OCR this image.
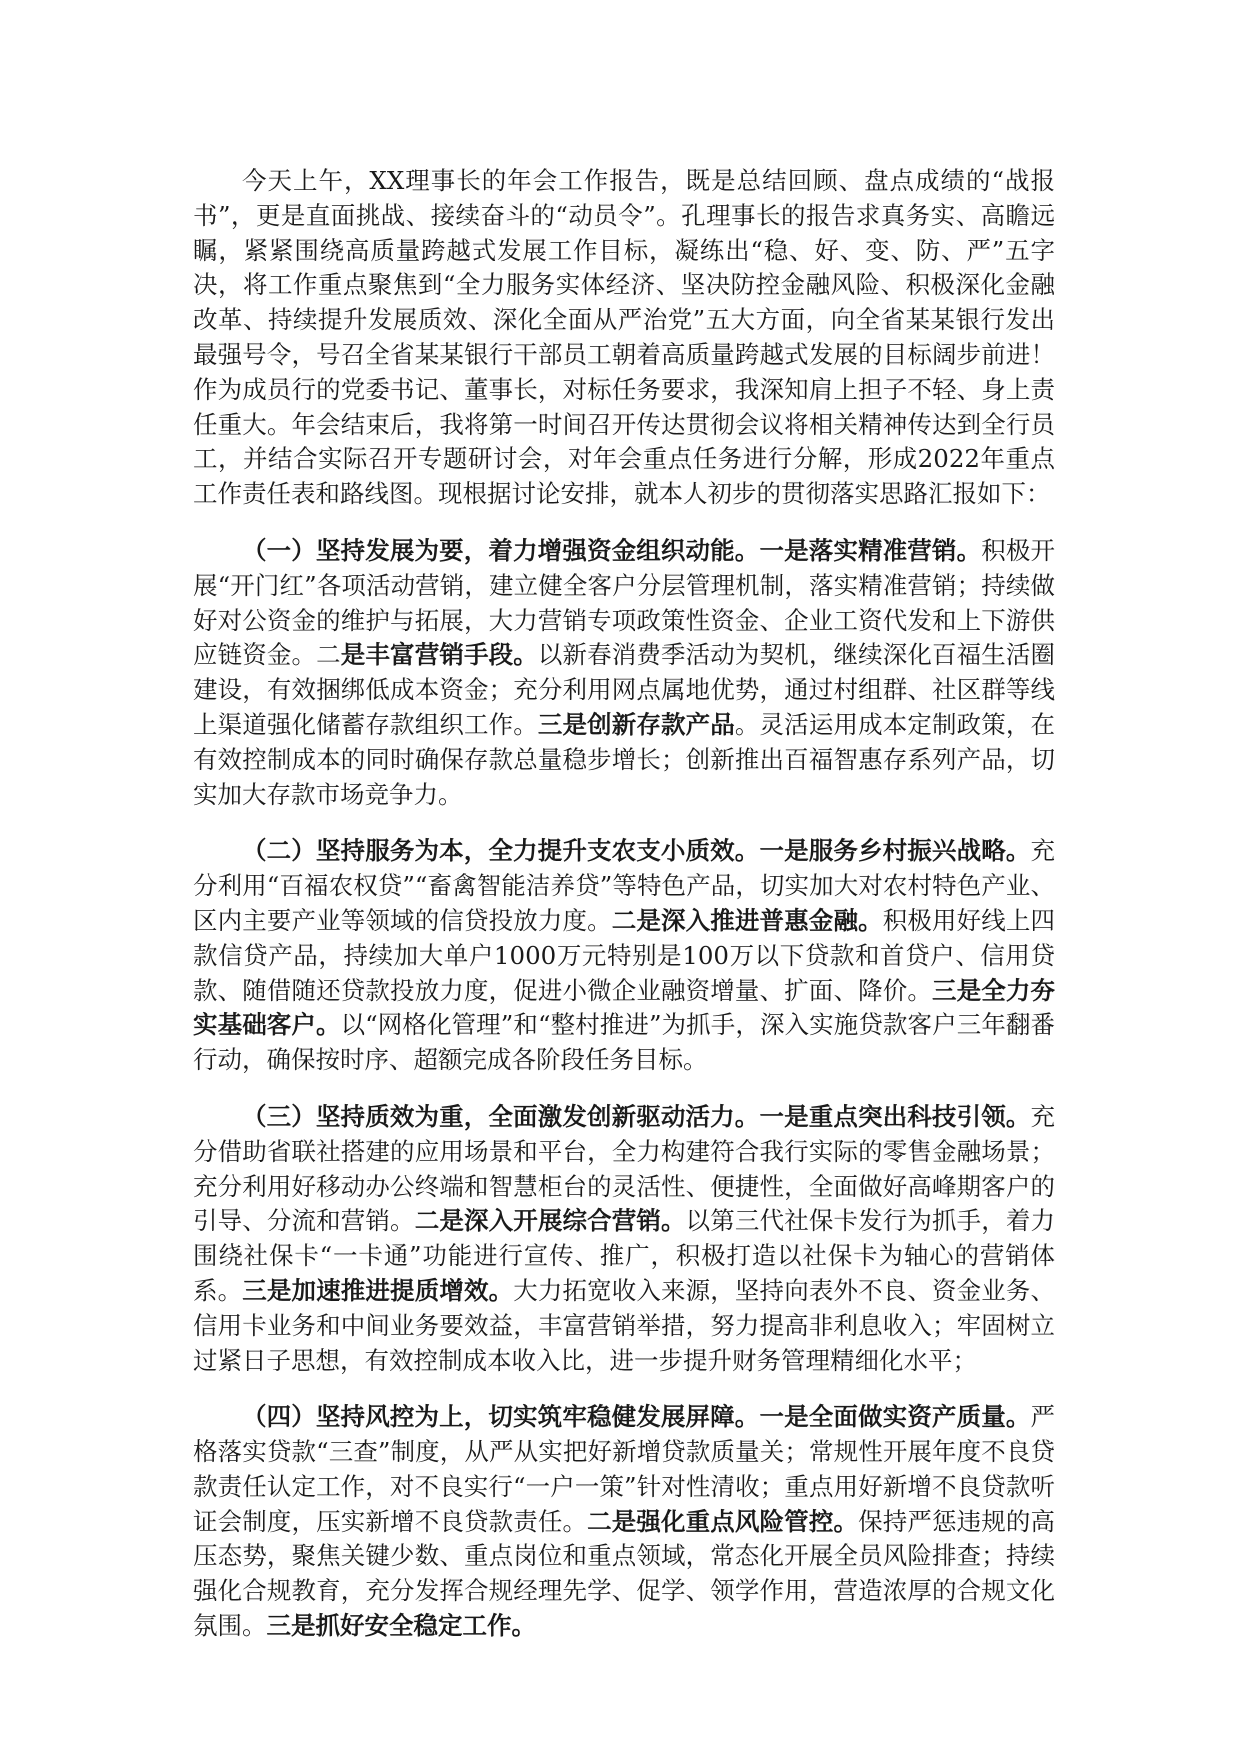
今天上午，XX理事长的年会工作报告，既是总结回顾、盘点成绩的“战报书”，更是直面挑战、接续奋斗的“动员令”。孔理事长的报告求真务实、高瞻远瞩，紧紧围绕高质量跨越式发展工作目标，凝练出“稳、好、变、防、严”五字决，将工作重点聚焦到“全力服务实体经济、坚决防控金融风险、积极深化金融改革、持续提升发展质效、深化全面从严治党”五大方面，向全省某某银行发出最强号令，号召全省某某银行干部员工朝着高质量跨越式发展的目标阔步前进！作为成员行的党委书记、董事长，对标任务要求，我深知肩上担子不轻、身上责任重大。年会结束后，我将第一时间召开传达贯彻会议将相关精神传达到全行员工，并结合实际召开专题研讨会，对年会重点任务进行分解，形成2022年重点工作责任表和路线图。现根据讨论安排，就本人初步的贯彻落实思路汇报如下：

（一）坚持发展为要，着力增强资金组织动能。一是落实精准营销。积极开展“开门红”各项活动营销，建立健全客户分层管理机制，落实精准营销；持续做好对公资金的维护与拓展，大力营销专项政策性资金、企业工资代发和上下游供应链资金。二是丰富营销手段。以新春消费季活动为契机，继续深化百福生活圈建设，有效捆绑低成本资金；充分利用网点属地优势，通过村组群、社区群等线上渠道强化储蓄存款组织工作。三是创新存款产品。灵活运用成本定制政策，在有效控制成本的同时确保存款总量稳步增长；创新推出百福智惠存系列产品，切实加大存款市场竞争力。

（二）坚持服务为本，全力提升支农支小质效。一是服务乡村振兴战略。充分利用“百福农权贷”“畜禽智能洁养贷”等特色产品，切实加大对农村特色产业、区内主要产业等领域的信贷投放力度。二是深入推进普惠金融。积极用好线上四款信贷产品，持续加大单户1000万元特别是100万以下贷款和首贷户、信用贷款、随借随还贷款投放力度，促进小微企业融资增量、扩面、降价。三是全力夯实基础客户。以“网格化管理”和“整村推进”为抓手，深入实施贷款客户三年翻番行动，确保按时序、超额完成各阶段任务目标。

（三）坚持质效为重，全面激发创新驱动活力。一是重点突出科技引领。充分借助省联社搭建的应用场景和平台，全力构建符合我行实际的零售金融场景；充分利用好移动办公终端和智慧柜台的灵活性、便捷性，全面做好高峰期客户的引导、分流和营销。二是深入开展综合营销。以第三代社保卡发行为抓手，着力围绕社保卡“一卡通”功能进行宣传、推广，积极打造以社保卡为轴心的营销体系。三是加速推进提质增效。大力拓宽收入来源，坚持向表外不良、资金业务、信用卡业务和中间业务要效益，丰富营销举措，努力提高非利息收入；牢固树立过紧日子思想，有效控制成本收入比，进一步提升财务管理精细化水平；

（四）坚持风控为上，切实筑牢稳健发展屏障。一是全面做实资产质量。严格落实贷款“三查”制度，从严从实把好新增贷款质量关；常规性开展年度不良贷款责任认定工作，对不良实行“一户一策”针对性清收；重点用好新增不良贷款听证会制度，压实新增不良贷款责任。二是强化重点风险管控。保持严惩违规的高压态势，聚焦关键少数、重点岗位和重点领域，常态化开展全员风险排查；持续强化合规教育，充分发挥合规经理先学、促学、领学作用，营造浓厚的合规文化氛围。三是抓好安全稳定工作。
